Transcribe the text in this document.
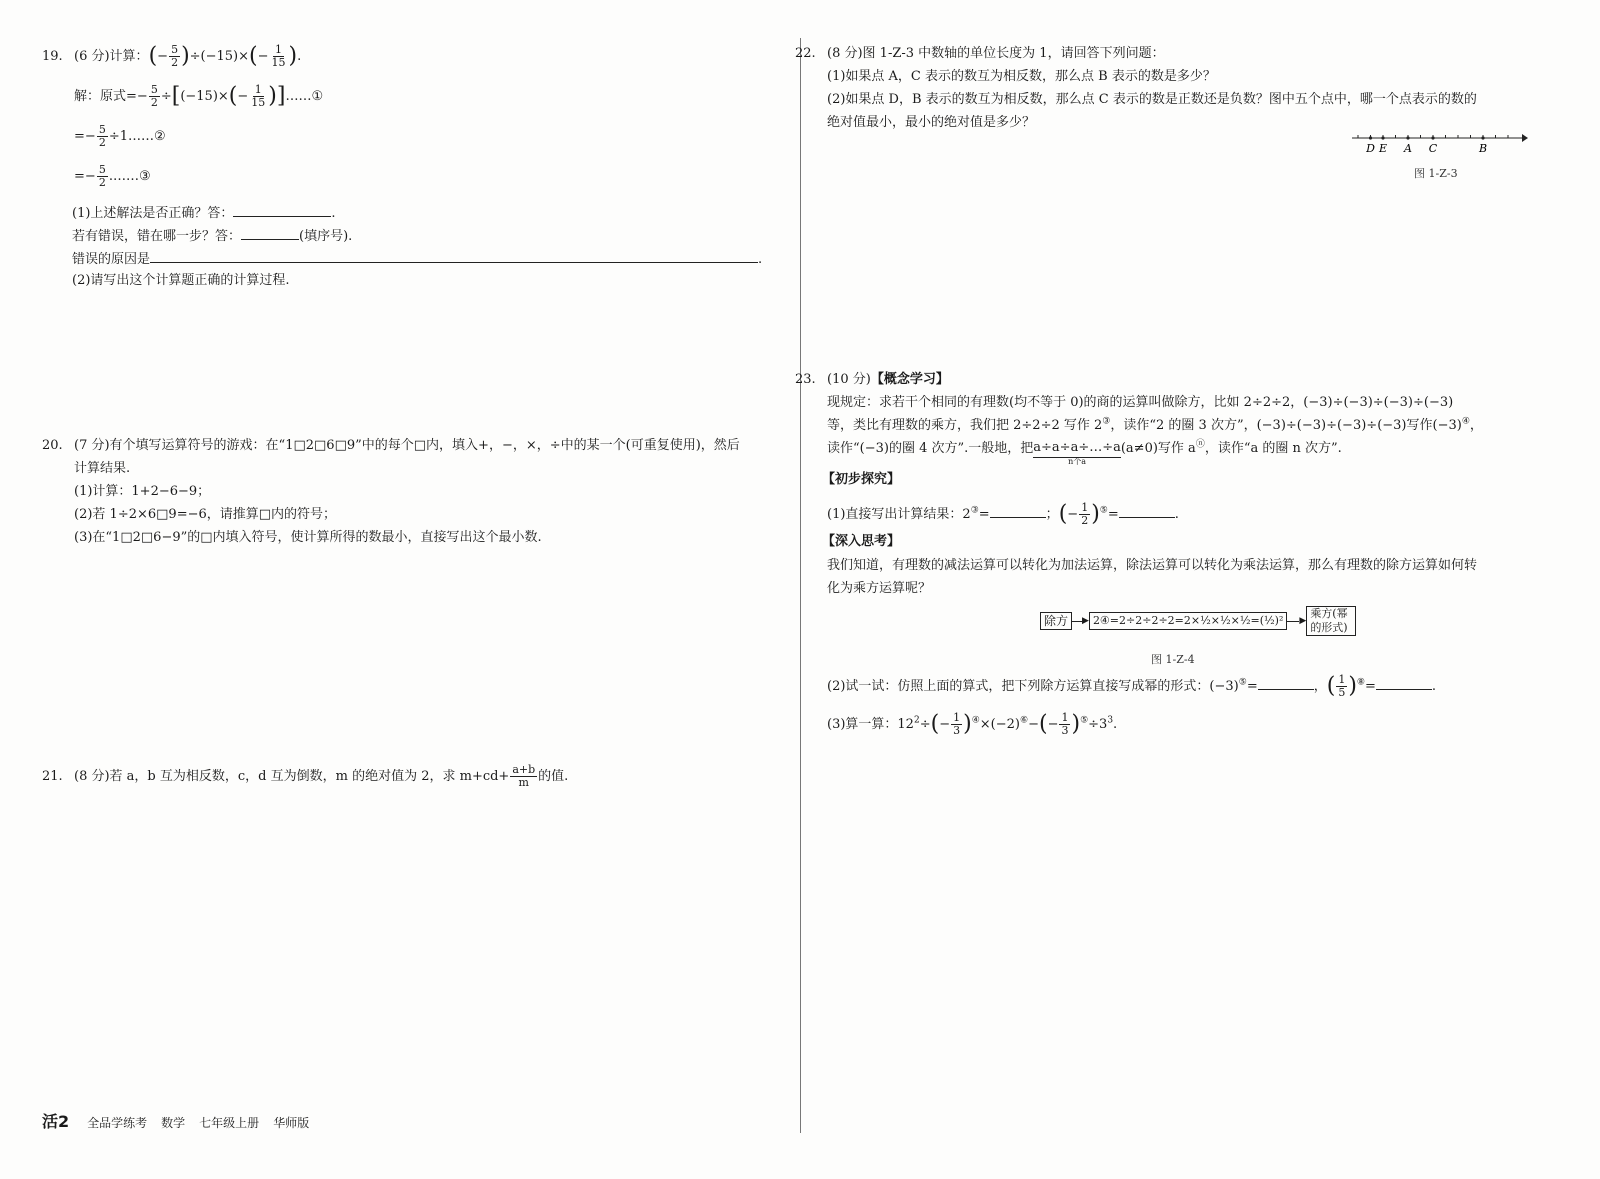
19. (6 分)计算：(− $\frac{5}{2} )\div(-15)\times(- \frac{1}{15}$ ).
解：原式=− $\frac{5}{2} \div[(-15)\times(- \frac{1}{15}$ )]……①
=− $\frac{5}{2}$ ÷1……②
=− $\frac{5}{2}$ .……③
(1)上述解法是否正确？答：	.
若有错误，错在哪一步？答：	(填序号).
错误的原因是	.
(2)请写出这个计算题正确的计算过程.
20. (7 分)有个填写运算符号的游戏：在“1□2□6□9”中的每个□内，填入+，−，×，÷中的某一个(可重复使用)，然后
计算结果.
(1)计算：1+2−6−9；
(2)若 1÷2×6□9=−6，请推算□内的符号；
(3)在“1□2□6−9”的□内填入符号，使计算所得的数最小，直接写出这个最小数.
21. (8 分)若 a，b 互为相反数，c，d 互为倒数，m 的绝对值为 2，求 $m+cd+ \frac{a+b}{m}$ 的值.
22. (8 分)图 1-Z-3 中数轴的单位长度为 1，请回答下列问题：
(1)如果点 A，C 表示的数互为相反数，那么点 B 表示的数是多少？
(2)如果点 D，B 表示的数互为相反数，那么点 C 表示的数是正数还是负数？图中五个点中，哪一个点表示的数的
绝对值最小，最小的绝对值是多少？
D E A C	B
图 1-Z-3
23. (10 分)【概念学习】
现规定：求若干个相同的有理数(均不等于 0)的商的运算叫做除方，比如 2÷2÷2，(−3)÷(−3)÷(−3)÷(−3)
等，类比有理数的乘方，我们把 2÷2÷2 写作 2③，读作“2 的圈 3 次方”，(−3)÷(−3)÷(−3)÷(−3)写作(−3)④，
读作“(−3)的圈 4 次方”.一般地，把 a÷a÷a÷…÷a
n个a
(a≠0)写作 aⓝ，读作“a 的圈 n 次方”.
【初步探究】
(1)直接写出计算结果：2③=	；(− $\frac{1}{2} )^⑤=$	.
【深入思考】
我们知道，有理数的减法运算可以转化为加法运算，除法运算可以转化为乘法运算，那么有理数的除方运算如何转
化为乘方运算呢？
除方	▶ 2④=2÷2÷2÷2=2×½×½×½=(½)²	▶
乘方(幂的形式)
图 1-Z-4
(2)试一试：仿照上面的算式，把下列除方运算直接写成幂的形式：(−3)⑤=	，( $\frac{1}{5} )^⑧=$	.
(3)算一算：$12^2\div(- \frac{1}{3} )^④\times(-2)^⑥-(- \frac{1}{3} )^⑤\div 3^3$.
活2 全品学练考 数学 七年级上册 华师版
